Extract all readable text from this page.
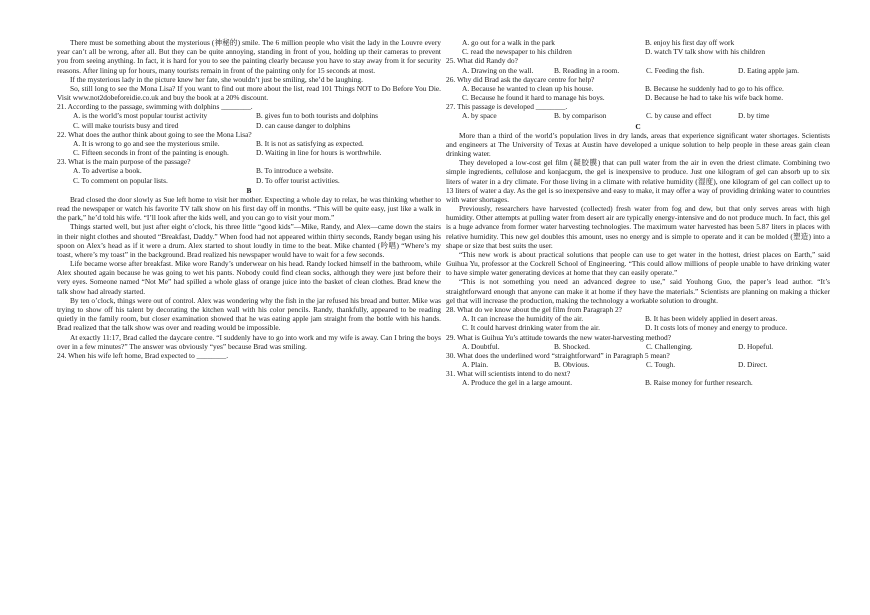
There must be something about the mysterious (神秘的) smile. The 6 million people who visit the lady in the Louvre every year can’t all be wrong, after all. But they can be quite annoying, standing in front of you, holding up their cameras to prevent you from seeing anything. In fact, it is hard for you to see the painting clearly because you have to stay away from it for security reasons. After lining up for hours, many tourists remain in front of the painting only for 15 seconds at most.

If the mysterious lady in the picture knew her fate, she wouldn’t just be smiling, she’d be laughing.

So, still long to see the Mona Lisa? If you want to find out more about the list, read 101 Things NOT to Do Before You Die. Visit www.not2dobeforeidie.co.uk and buy the book at a 20% discount.

21. According to the passage, swimming with dolphins ________.

A. is the world’s most popular tourist activity	B. gives fun to both tourists and dolphins
C. will make tourists busy and tired	D. can cause danger to dolphins

22. What does the author think about going to see the Mona Lisa?

A. It is wrong to go and see the mysterious smile.	B. It is not as satisfying as expected.
C. Fifteen seconds in front of the painting is enough.	D. Waiting in line for hours is worthwhile.

23. What is the main purpose of the passage?

A. To advertise a book.	B. To introduce a website.
C. To comment on popular lists.	D. To offer tourist activities.
B

Brad closed the door slowly as Sue left home to visit her mother. Expecting a whole day to relax, he was thinking whether to read the newspaper or watch his favorite TV talk show on his first day off in months. “This will be quite easy, just like a walk in the park,” he’d told his wife. “I’ll look after the kids well, and you can go to visit your mom.”

Things started well, but just after eight o’clock, his three little “good kids”—Mike, Randy, and Alex—came down the stairs in their night clothes and shouted “Breakfast, Daddy.” When food had not appeared within thirty seconds, Randy began using his spoon on Alex’s head as if it were a drum. Alex started to shout loudly in time to the beat. Mike chanted (吟唱) “Where’s my toast, where’s my toast” in the background. Brad realized his newspaper would have to wait for a few seconds.

Life became worse after breakfast. Mike wore Randy’s underwear on his head. Randy locked himself in the bathroom, while Alex shouted again because he was going to wet his pants. Nobody could find clean socks, although they were just before their very eyes. Someone named “Not Me” had spilled a whole glass of orange juice into the basket of clean clothes. Brad knew the talk show had already started.

By ten o’clock, things were out of control. Alex was wondering why the fish in the jar refused his bread and butter. Mike was trying to show off his talent by decorating the kitchen wall with his color pencils. Randy, thankfully, appeared to be reading quietly in the family room, but closer examination showed that he was eating apple jam straight from the bottle with his hands. Brad realized that the talk show was over and reading would be impossible.

At exactly 11:17, Brad called the daycare centre. “I suddenly have to go into work and my wife is away. Can I bring the boys over in a few minutes?” The answer was obviously “yes” because Brad was smiling.

24. When his wife left home, Brad expected to ________.

A. go out for a walk in the park	B. enjoy his first day off work
C. read the newspaper to his children	D. watch TV talk show with his children

25. What did Randy do?

A. Drawing on the wall.	B. Reading in a room.	C. Feeding the fish.	D. Eating apple jam.

26. Why did Brad ask the daycare centre for help?

A. Because he wanted to clean up his house.	B. Because he suddenly had to go to his office.
C. Because he found it hard to manage his boys.	D. Because he had to take his wife back home.

27. This passage is developed ________.

A. by space	B. by comparison	C. by cause and effect	D. by time
C

More than a third of the world’s population lives in dry lands, areas that experience significant water shortages. Scientists and engineers at The University of Texas at Austin have developed a unique solution to help people in these areas gain clean drinking water.

They developed a low-cost gel film (凝胶膜) that can pull water from the air in even the driest climate. Combining two simple ingredients, cellulose and konjacgum, the gel is inexpensive to produce. Just one kilogram of gel can absorb up to six liters of water in a dry climate. For those living in a climate with relative humidity (湿度), one kilogram of gel can collect up to 13 liters of water a day. As the gel is so inexpensive and easy to make, it may offer a way of providing drinking water to countries with water shortages.

Previously, researchers have harvested (collected) fresh water from fog and dew, but that only serves areas with high humidity. Other attempts at pulling water from desert air are typically energy-intensive and do not produce much. In fact, this gel is a huge advance from former water harvesting technologies. The maximum water harvested has been 5.87 liters in places with relative humidity. This new gel doubles this amount, uses no energy and is simple to operate and it can be molded (塑造) into a shape or size that best suits the user.

“This new work is about practical solutions that people can use to get water in the hottest, driest places on Earth,” said Guihua Yu, professor at the Cockrell School of Engineering. “This could allow millions of people unable to have drinking water to have simple water generating devices at home that they can easily operate.”

“This is not something you need an advanced degree to use,” said Youhong Guo, the paper’s lead author. “It’s straightforward enough that anyone can make it at home if they have the materials.” Scientists are planning on making a thicker gel that will increase the production, making the technology a workable solution to drought.

28. What do we know about the gel film from Paragraph 2?

A. It can increase the humidity of the air.	B. It has been widely applied in desert areas.
C. It could harvest drinking water from the air.	D. It costs lots of money and energy to produce.

29. What is Guihua Yu’s attitude towards the new water-harvesting method?

A. Doubtful.	B. Shocked.	C. Challenging.	D. Hopeful.

30. What does the underlined word “straightforward” in Paragraph 5 mean?

A. Plain.	B. Obvious.	C. Tough.	D. Direct.

31. What will scientists intend to do next?

A. Produce the gel in a large amount.	B. Raise money for further research.
